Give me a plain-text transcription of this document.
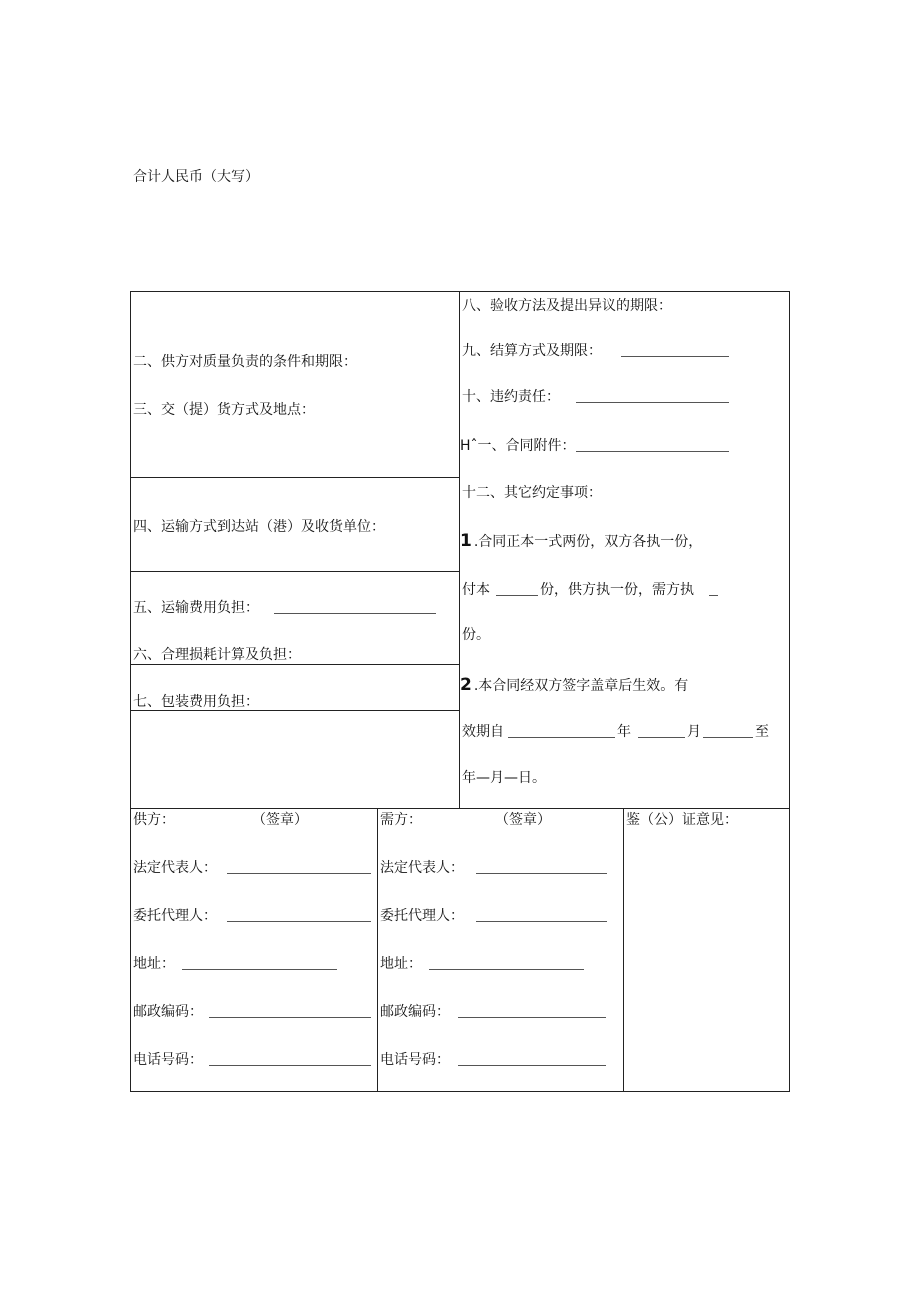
合计人民币（大写）
二、供方对质量负责的条件和期限：
三、交（提）货方式及地点：
四、运输方式到达站（港）及收货单位：
五、运输费用负担：
六、合理损耗计算及负担：
七、包装费用负担：
八、验收方法及提出异议的期限：
九、结算方式及期限：
十、违约责任：
Hˆ一、合同附件：
十二、其它约定事项：
1 .合同正本一式两份，双方各执一份，
付本	份，供方执一份，需方执
份。
2 .本合同经双方签字盖章后生效。有
效期自	年	月	至
年—月—日。
供方：	（签章）
法定代表人：
委托代理人：
地址：
邮政编码：
电话号码：
需方：	（签章）
法定代表人：
委托代理人：
地址：
邮政编码：
电话号码：
鉴（公）证意见：
